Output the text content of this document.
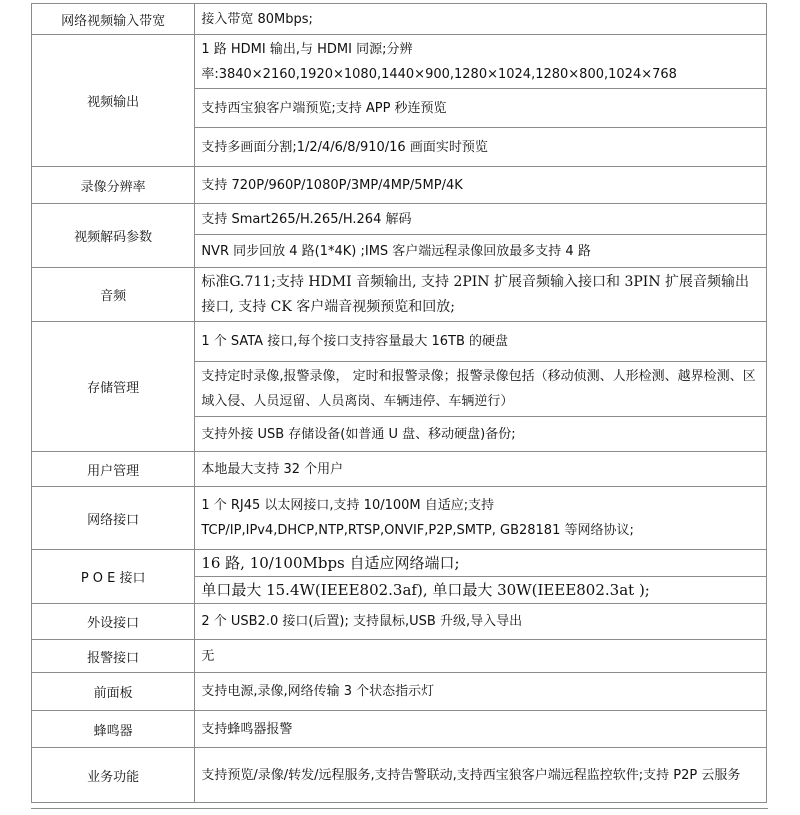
网络视频输入带宽	接入带宽 80Mbps;
视频输出	1 路 HDMI 输出,与 HDMI 同源;分辨率:3840×2160,1920×1080,1440×900,1280×1024,1280×800,1024×768
	支持西宝狼客户端预览;支持 APP 秒连预览
	支持多画面分割;1/2/4/6/8/910/16 画面实时预览
录像分辨率	支持 720P/960P/1080P/3MP/4MP/5MP/4K
视频解码参数	支持 Smart265/H.265/H.264 解码
	NVR 同步回放 4 路(1*4K) ;IMS 客户端远程录像回放最多支持 4 路
音频	标准G.711;支持 HDMI 音频输出, 支持 2PIN 扩展音频输入接口和 3PIN 扩展音频输出接口, 支持 CK 客户端音视频预览和回放;
存储管理	1 个 SATA 接口,每个接口支持容量最大 16TB 的硬盘
	支持定时录像,报警录像， 定时和报警录像；报警录像包括（移动侦测、人形检测、越界检测、区域入侵、人员逗留、人员离岗、车辆违停、车辆逆行）
	支持外接 USB 存储设备(如普通 U 盘、移动硬盘)备份;
用户管理	本地最大支持 32 个用户
网络接口	1 个 RJ45 以太网接口,支持 10/100M 自适应;支持 TCP/IP,IPv4,DHCP,NTP,RTSP,ONVIF,P2P,SMTP, GB28181 等网络协议;
P O E 接口	16 路, 10/100Mbps 自适应网络端口;
	单口最大 15.4W(IEEE802.3af), 单口最大 30W(IEEE802.3at );
外设接口	2 个 USB2.0 接口(后置); 支持鼠标,USB 升级,导入导出
报警接口	无
前面板	支持电源,录像,网络传输 3 个状态指示灯
蜂鸣器	支持蜂鸣器报警
业务功能	支持预览/录像/转发/远程服务,支持告警联动,支持西宝狼客户端远程监控软件;支持 P2P 云服务
